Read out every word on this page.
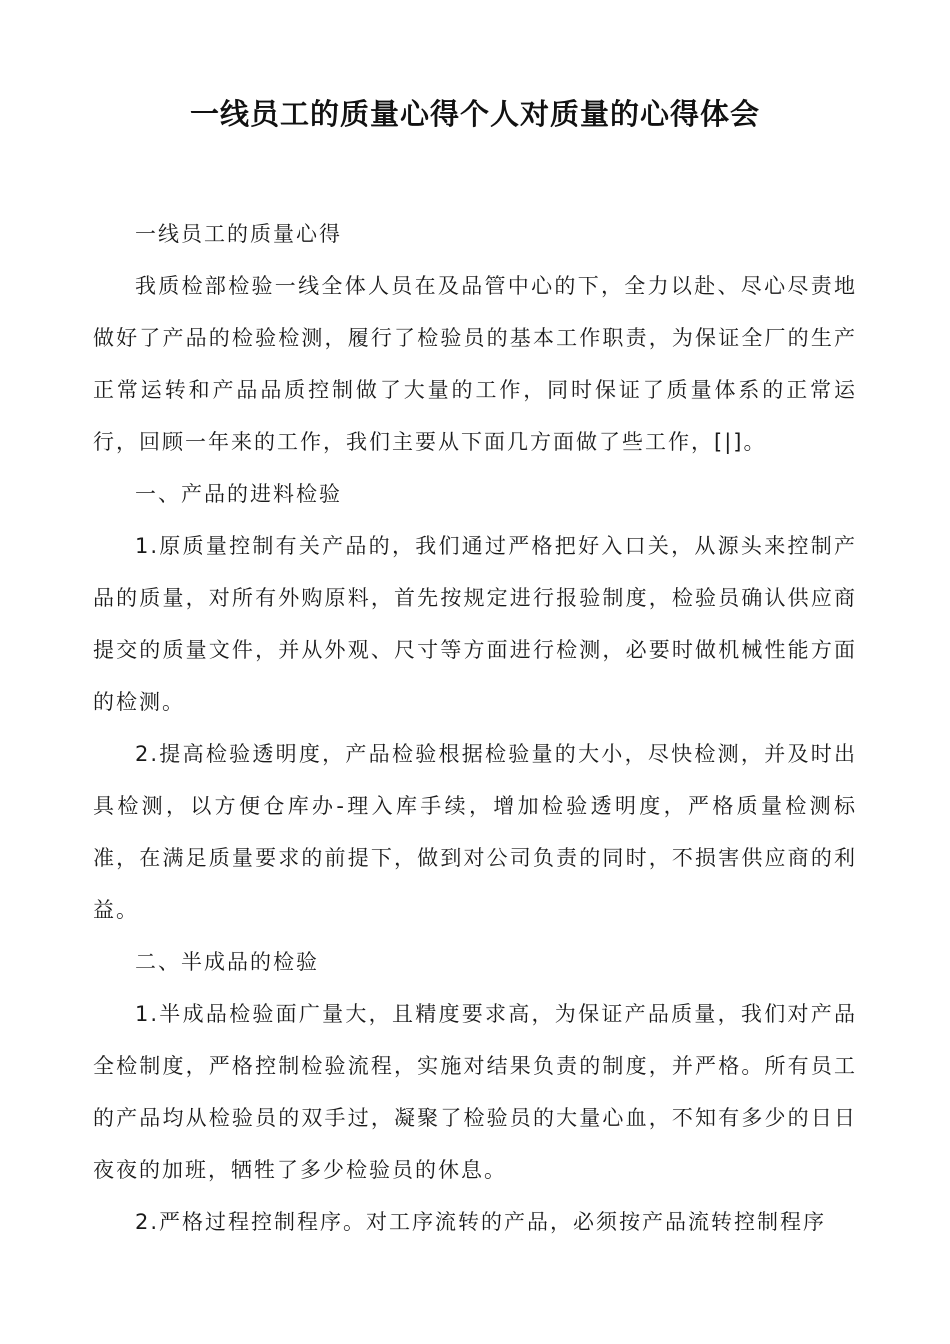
一线员工的质量心得个人对质量的心得体会

一线员工的质量心得

我质检部检验一线全体人员在及品管中心的下，全力以赴、尽心尽责地做好了产品的检验检测，履行了检验员的基本工作职责，为保证全厂的生产正常运转和产品品质控制做了大量的工作，同时保证了质量体系的正常运行，回顾一年来的工作，我们主要从下面几方面做了些工作，[|]。

一、产品的进料检验

1.原质量控制有关产品的，我们通过严格把好入口关，从源头来控制产品的质量，对所有外购原料，首先按规定进行报验制度，检验员确认供应商提交的质量文件，并从外观、尺寸等方面进行检测，必要时做机械性能方面的检测。

2.提高检验透明度，产品检验根据检验量的大小，尽快检测，并及时出具检测，以方便仓库办-理入库手续，增加检验透明度，严格质量检测标准，在满足质量要求的前提下，做到对公司负责的同时，不损害供应商的利益。

二、半成品的检验

1.半成品检验面广量大，且精度要求高，为保证产品质量，我们对产品全检制度，严格控制检验流程，实施对结果负责的制度，并严格。所有员工的产品均从检验员的双手过，凝聚了检验员的大量心血，不知有多少的日日夜夜的加班，牺牲了多少检验员的休息。

2.严格过程控制程序。对工序流转的产品，必须按产品流转控制程序
